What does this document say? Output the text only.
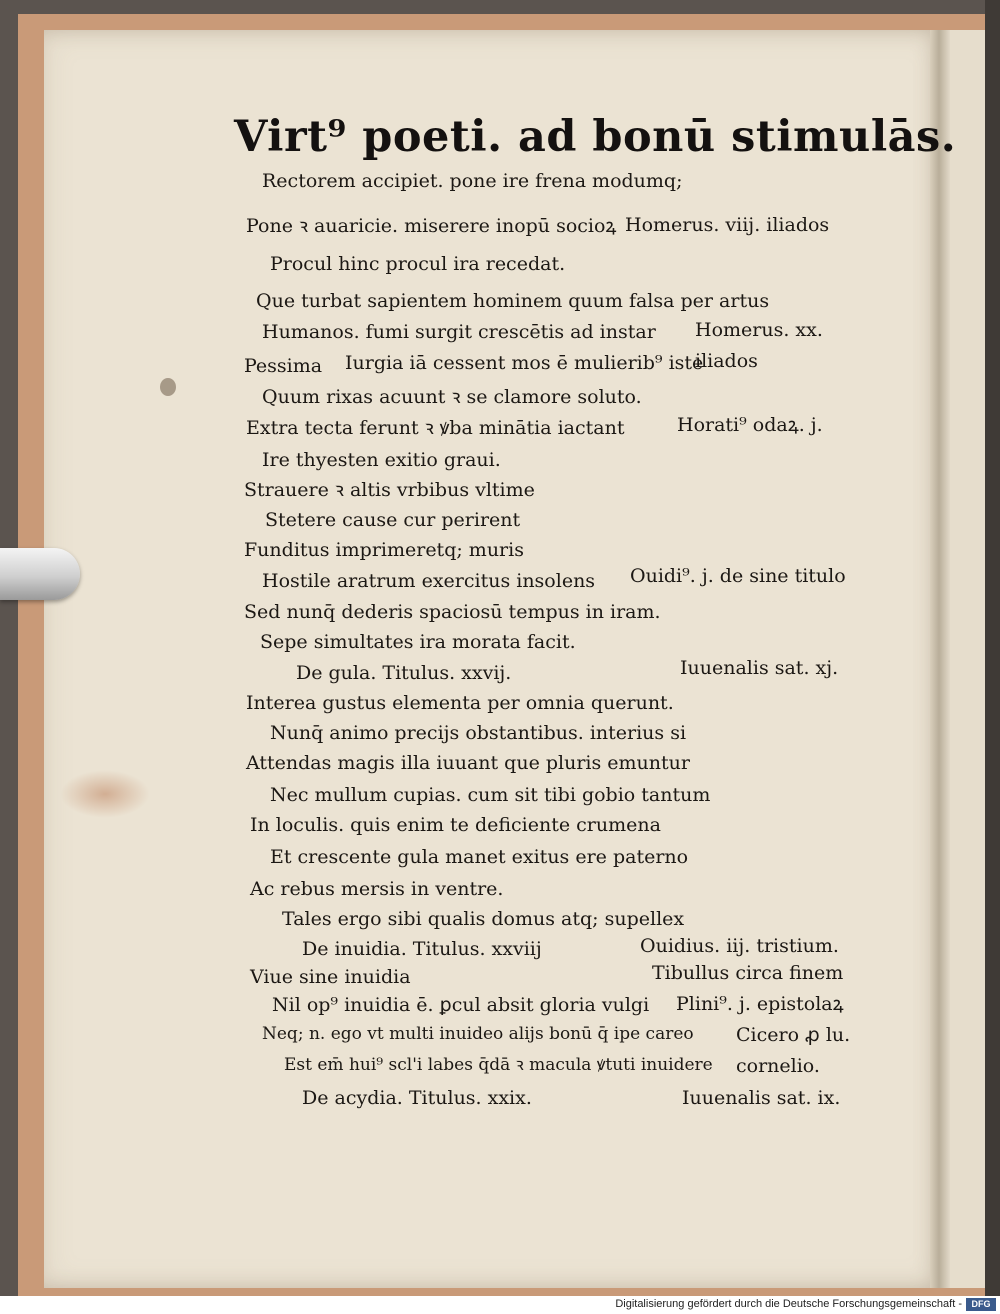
Virt⁹ poeti. ad bonū stimulās.
Rectorem accipiet. pone ire frena modumq;
Pone ꝛ auaricie. miserere inopū socioꝝ
Procul hinc procul ira recedat.
Que turbat sapientem hominem quum falsa per artus
Humanos. fumi surgit crescētis ad instar
Pessima Iurgia iā cessent mos ē mulierib⁹ iste
Quum rixas acuunt ꝛ se clamore soluto.
Extra tecta ferunt ꝛ ꝟba minātia iactant
Ire thyesten exitio graui.
Strauere ꝛ altis vrbibus vltime
Stetere cause cur perirent
Funditus imprimeretq; muris
Hostile aratrum exercitus insolens
Sed nunq̄ dederis spaciosū tempus in iram.
Sepe simultates ira morata facit.
De gula. Titulus. xxvij.
Interea gustus elementa per omnia querunt.
Nunq̄ animo precijs obstantibus. interius si
Attendas magis illa iuuant que pluris emuntur
Nec mullum cupias. cum sit tibi gobio tantum
In loculis. quis enim te deficiente crumena
Et crescente gula manet exitus ere paterno
Ac rebus mersis in ventre.
Tales ergo sibi qualis domus atq; supellex
De inuidia. Titulus. xxviij
Viue sine inuidia
Nil op⁹ inuidia ē. ꝑcul absit gloria vulgi
Neq; n. ego vt multi inuideo alijs bonū q̄ ipe careo
Est em̄ hui⁹ scl'i labes q̄dā ꝛ macula ꝟtuti inuidere
De acydia. Titulus. xxix.
Homerus. viij. iliados
Homerus. xx.
iliados
Horati⁹ odaꝝ. j.
Ouidi⁹. j. de sine titulo
Iuuenalis sat. xj.
Ouidius. iij. tristium.
Tibullus circa finem
Plini⁹. j. epistolaꝝ
Cicero ꝓ lu.
cornelio.
Iuuenalis sat. ix.
Digitalisierung gefördert durch die Deutsche Forschungsgemeinschaft -	DFG
